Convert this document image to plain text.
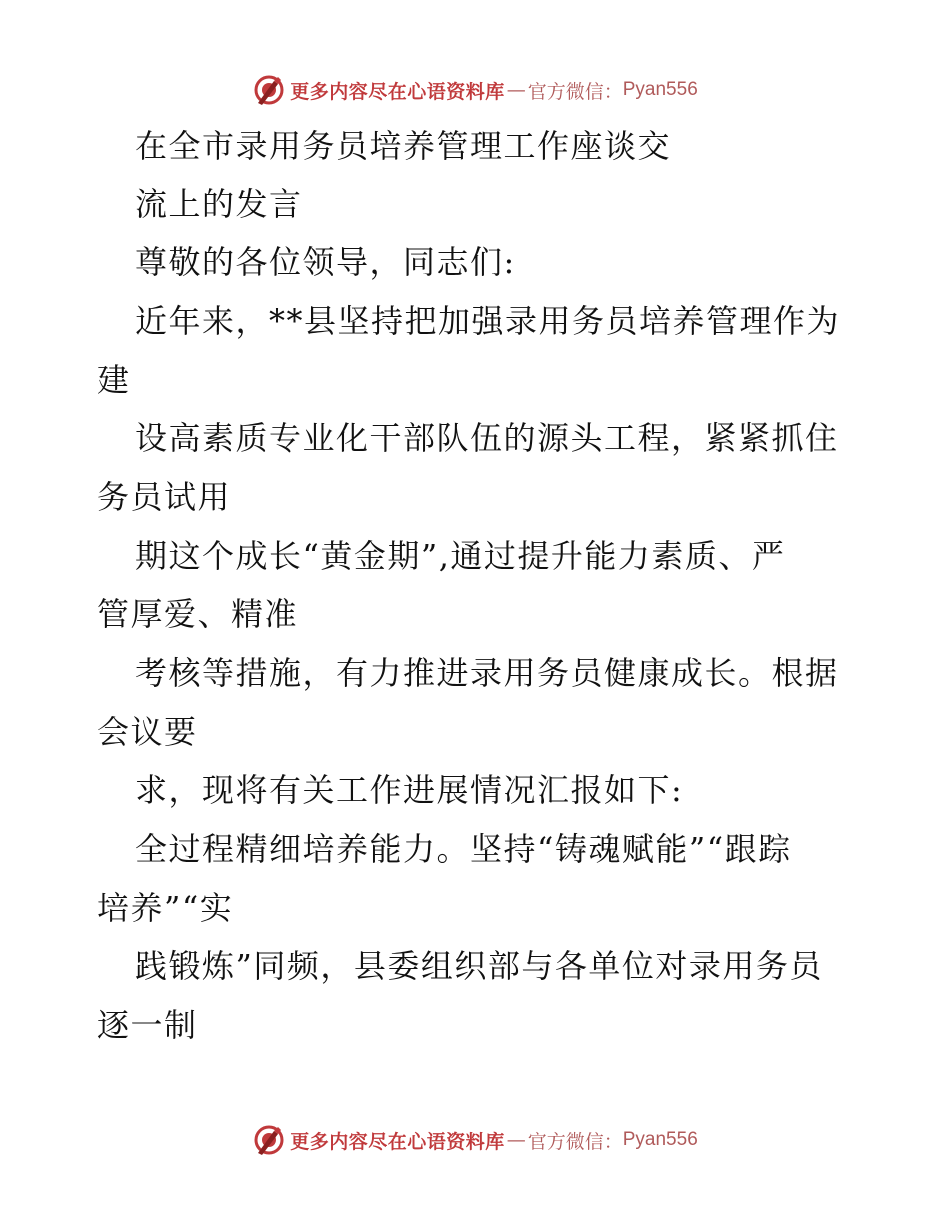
更多内容尽在心语资料库 — 官方微信： Pyan556
在全市录用务员培养管理工作座谈交
流上的发言
尊敬的各位领导，同志们:
近年来，**县坚持把加强录用务员培养管理作为
建
设高素质专业化干部队伍的源头工程，紧紧抓住
务员试用
期这个成长“黄金期”,通过提升能力素质、严
管厚爱、精准
考核等措施，有力推进录用务员健康成长。根据
会议要
求，现将有关工作进展情况汇报如下:
全过程精细培养能力。坚持“铸魂赋能”“跟踪
培养”“实
践锻炼”同频，县委组织部与各单位对录用务员
逐一制
更多内容尽在心语资料库 — 官方微信： Pyan556
